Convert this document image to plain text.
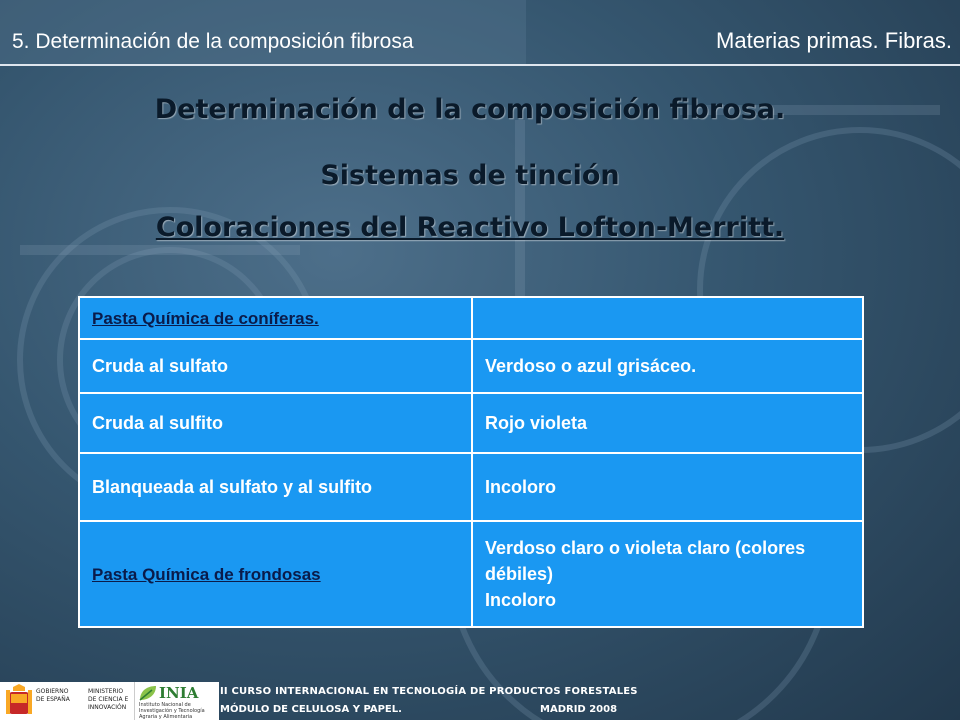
5. Determinación de la composición fibrosa	Materias primas. Fibras.
Determinación de la composición fibrosa.
Sistemas de tinción
Coloraciones del Reactivo Lofton-Merritt.
Pasta Química de coníferas.	
Cruda al sulfato	Verdoso o azul grisáceo.
Cruda al sulfito	Rojo violeta
Blanqueada al sulfato y al sulfito	Incoloro
Pasta Química de frondosas	Verdoso claro o violeta claro (colores débiles)
Incoloro
GOBIERNO DE ESPAÑA
MINISTERIO DE CIENCIA E INNOVACIÓN
INIA
Instituto Nacional de Investigación y Tecnología Agraria y Alimentaria
II CURSO INTERNACIONAL EN TECNOLOGÍA DE PRODUCTOS FORESTALES
MÓDULO DE CELULOSA Y PAPEL.	MADRID 2008
